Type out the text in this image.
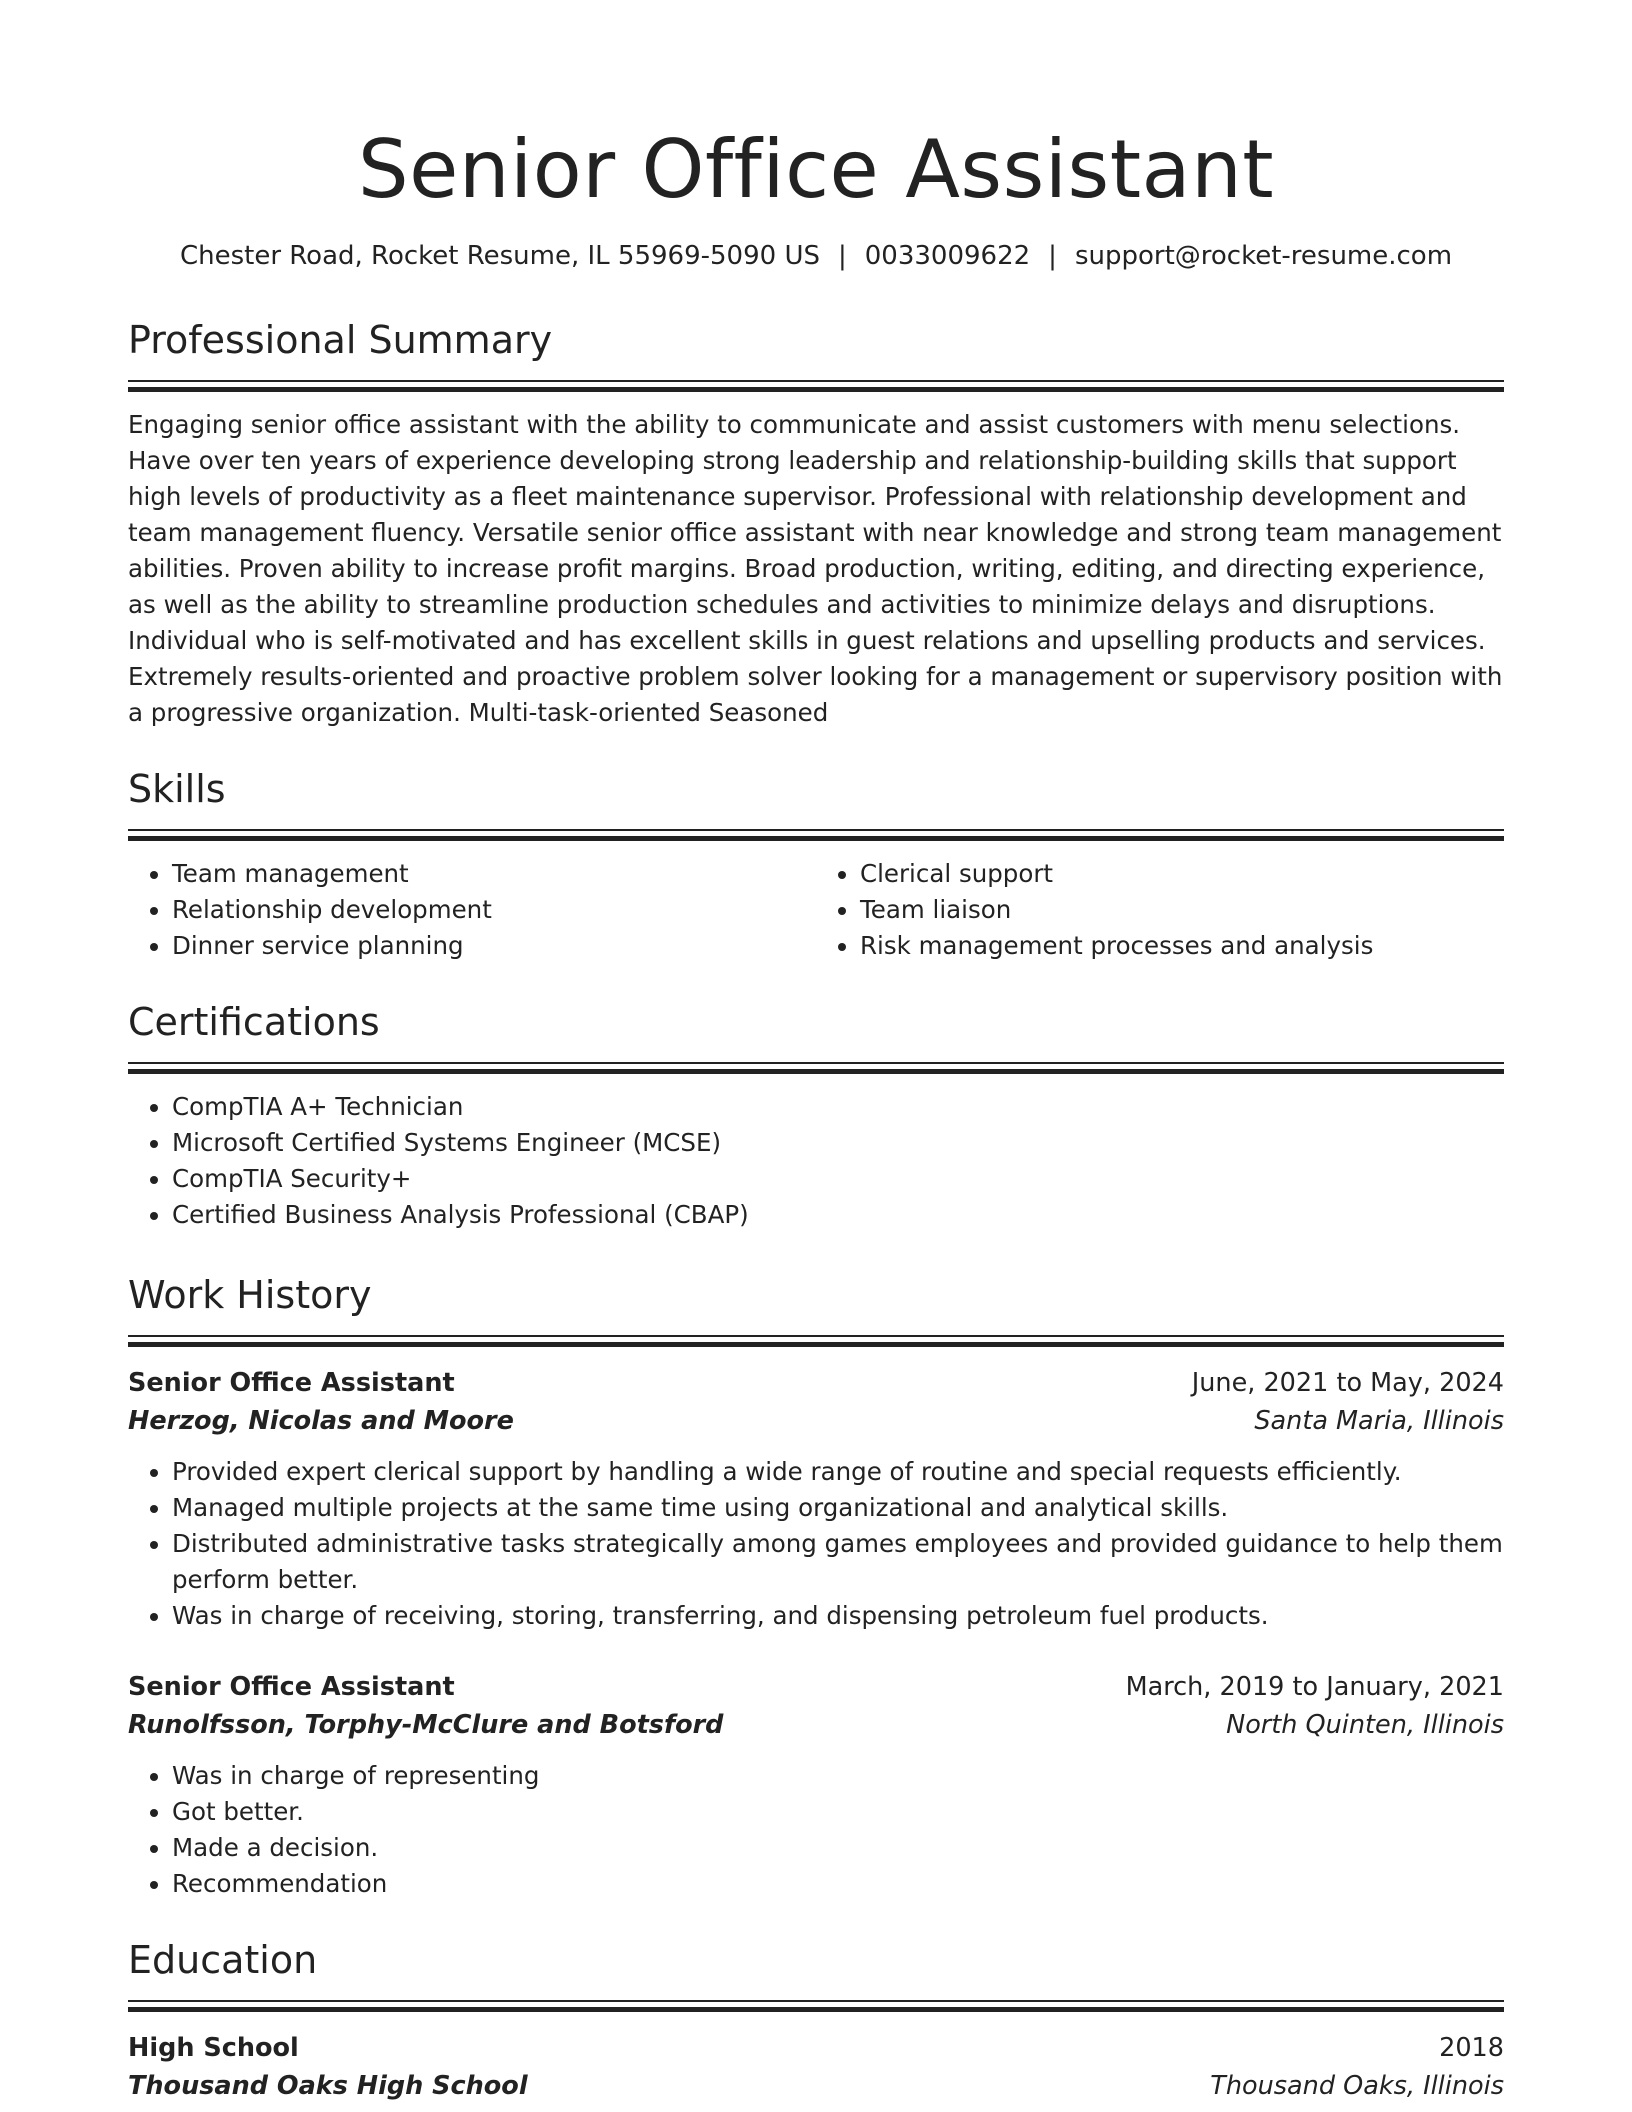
Senior Office Assistant
Chester Road, Rocket Resume, IL 55969-5090 US | 0033009622 | support@rocket-resume.com
Professional Summary
Engaging senior office assistant with the ability to communicate and assist customers with menu selections. Have over ten years of experience developing strong leadership and relationship-building skills that support high levels of productivity as a fleet maintenance supervisor. Professional with relationship development and team management fluency. Versatile senior office assistant with near knowledge and strong team management abilities. Proven ability to increase profit margins. Broad production, writing, editing, and directing experience, as well as the ability to streamline production schedules and activities to minimize delays and disruptions. Individual who is self-motivated and has excellent skills in guest relations and upselling products and services. Extremely results-oriented and proactive problem solver looking for a management or supervisory position with a progressive organization. Multi-task-oriented Seasoned
Skills
• Team management
• Relationship development
• Dinner service planning
• Clerical support
• Team liaison
• Risk management processes and analysis
Certifications
• CompTIA A+ Technician
• Microsoft Certified Systems Engineer (MCSE)
• CompTIA Security+
• Certified Business Analysis Professional (CBAP)
Work History
Senior Office Assistant	June, 2021 to May, 2024
Herzog, Nicolas and Moore	Santa Maria, Illinois
• Provided expert clerical support by handling a wide range of routine and special requests efficiently.
• Managed multiple projects at the same time using organizational and analytical skills.
• Distributed administrative tasks strategically among games employees and provided guidance to help them perform better.
• Was in charge of receiving, storing, transferring, and dispensing petroleum fuel products.
Senior Office Assistant	March, 2019 to January, 2021
Runolfsson, Torphy-McClure and Botsford	North Quinten, Illinois
• Was in charge of representing
• Got better.
• Made a decision.
• Recommendation
Education
High School	2018
Thousand Oaks High School	Thousand Oaks, Illinois
